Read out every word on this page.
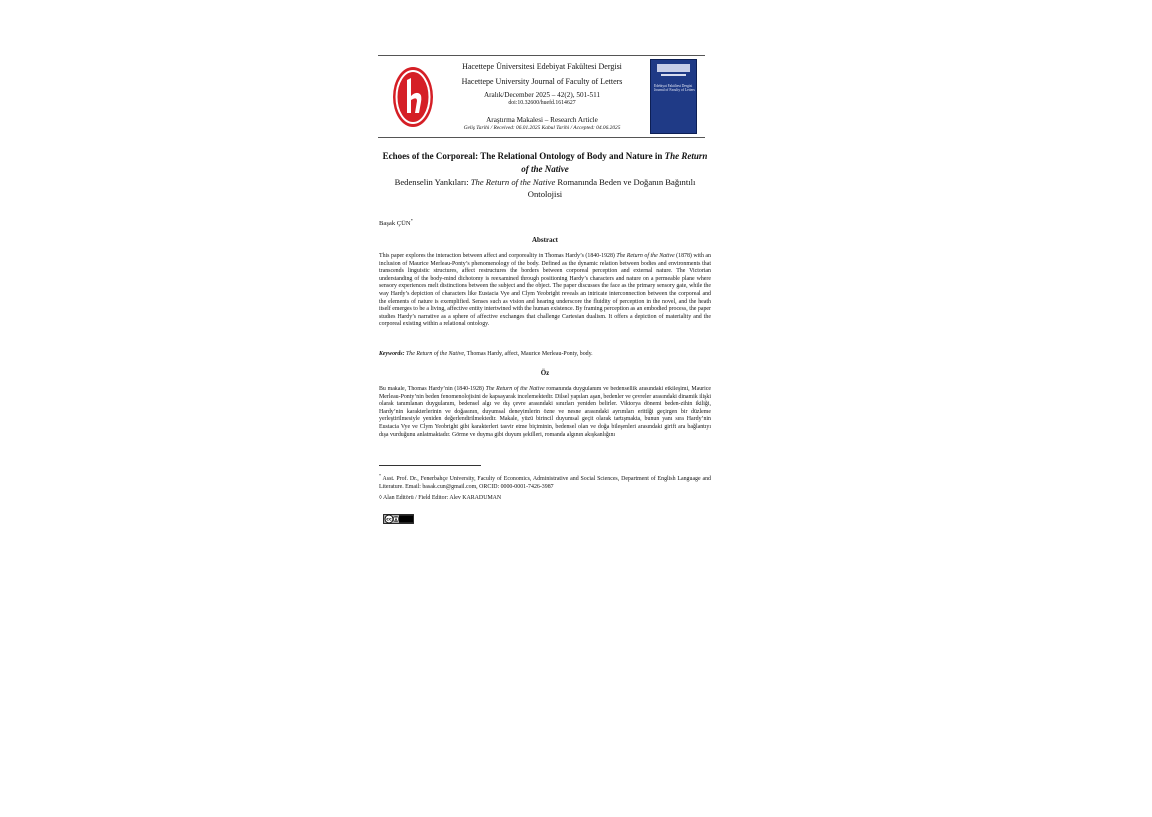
Hacettepe Üniversitesi Edebiyat Fakültesi Dergisi
Hacettepe University Journal of Faculty of Letters
Aralık/December 2025 – 42(2), 501-511
doi:10.32600/huefd.1614627
Araştırma Makalesi – Research Article
Geliş Tarihi / Received: 06.01.2025 Kabul Tarihi / Accepted: 04.06.2025
Edebiyat Fakültesi Dergisi Journal of Faculty of Letters
Echoes of the Corporeal: The Relational Ontology of Body and Nature in The Return of the Native
Bedenselin Yankıları: The Return of the Native Romanında Beden ve Doğanın Bağıntılı Ontolojisi
Başak ÇÜN*
Abstract
This paper explores the interaction between affect and corporeality in Thomas Hardy’s (1840-1928) The Return of the Native (1878) with an inclusion of Maurice Merleau-Ponty’s phenomenology of the body. Defined as the dynamic relation between bodies and environments that transcends linguistic structures, affect restructures the borders between corporeal perception and external nature. The Victorian understanding of the body-mind dichotomy is reexamined through positioning Hardy’s characters and nature on a permeable plane where sensory experiences melt distinctions between the subject and the object. The paper discusses the face as the primary sensory gate, while the way Hardy’s depiction of characters like Eustacia Vye and Clym Yeobright reveals an intricate interconnection between the corporeal and the elements of nature is exemplified. Senses such as vision and hearing underscore the fluidity of perception in the novel, and the heath itself emerges to be a living, affective entity intertwined with the human existence. By framing perception as an embodied process, the paper studies Hardy’s narrative as a sphere of affective exchanges that challenge Cartesian dualism. It offers a depiction of materiality and the corporeal existing within a relational ontology.
Keywords: The Return of the Native, Thomas Hardy, affect, Maurice Merleau-Ponty, body.
Öz
Bu makale, Thomas Hardy’nin (1840-1928) The Return of the Native romanında duygulanım ve bedensellik arasındaki etkileşimi, Maurice Merleau-Ponty’nin beden fenomenolojisini de kapsayarak incelemektedir. Dilsel yapıları aşan, bedenler ve çevreler arasındaki dinamik ilişki olarak tanımlanan duygulanım, bedensel algı ve dış çevre arasındaki sınırları yeniden belirler. Viktorya dönemi beden-zihin ikiliği, Hardy’nin karakterlerinin ve doğasının, duyumsal deneyimlerin özne ve nesne arasındaki ayrımları eritti̇ği geçirgen bir düzleme yerleştirilmesiyle yeniden değerlendirilmektedir. Makale, yüzü birincil duyumsal geçit olarak tartışmakta, bunun yanı sıra Hardy’nin Eustacia Vye ve Clym Yeobright gibi karakterleri tasvir etme biçiminin, bedensel olan ve doğa bileşenleri arasındaki girift ara bağlantıyı dışa vurduğunu anlatmaktadır. Görme ve duyma gibi duyum şekilleri, romanda algının akışkanlığını
* Asst. Prof. Dr., Fenerbahçe University, Faculty of Economics, Administrative and Social Sciences, Department of English Language and Literature. Email: basak.cun@gmail.com, ORCID: 0000-0001-7426-3987
◊ Alan Editörü / Field Editor: Alev KARADUMAN
cc
